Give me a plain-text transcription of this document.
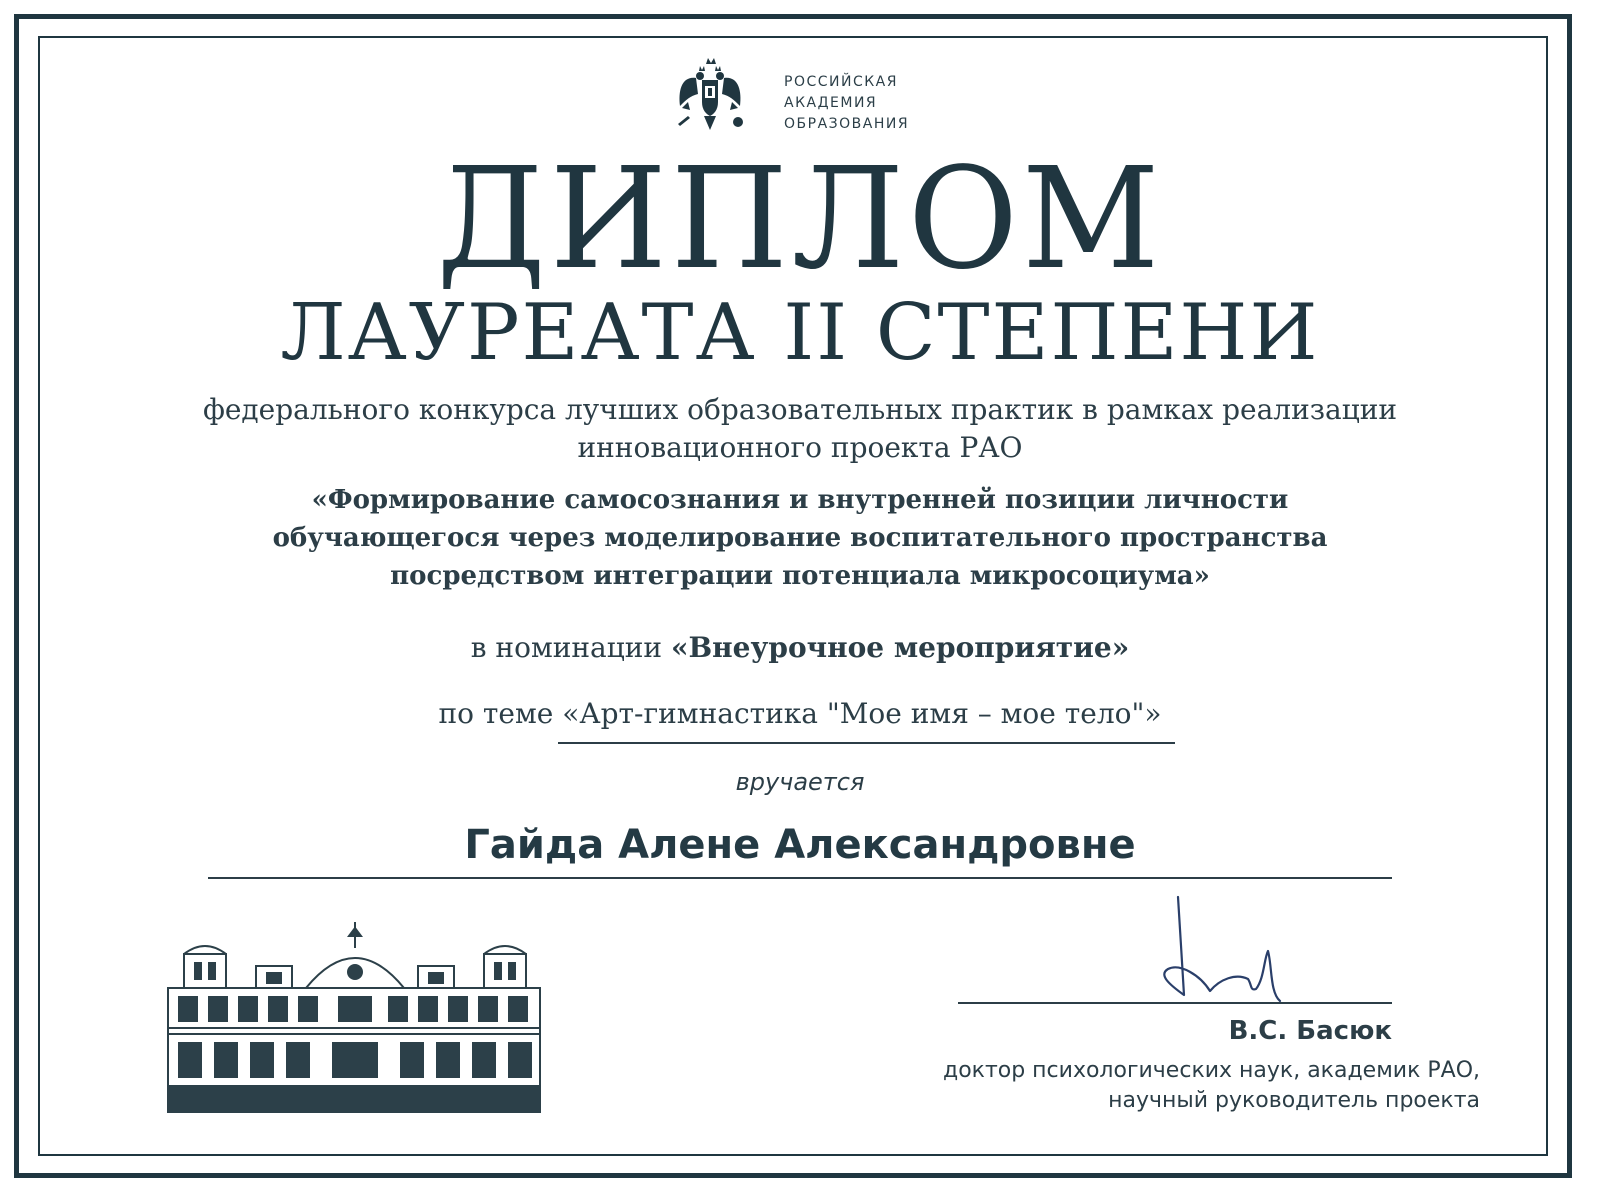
РОССИЙСКАЯ
АКАДЕМИЯ
ОБРАЗОВАНИЯ
ДИПЛОМ
ЛАУРЕАТА II СТЕПЕНИ
федерального конкурса лучших образовательных практик в рамках реализации
инновационного проекта РАО
«Формирование самосознания и внутренней позиции личности
обучающегося через моделирование воспитательного пространства
посредством интеграции потенциала микросоциума»
в номинации «Внеурочное мероприятие»
по теме «Арт-гимнастика "Мое имя – мое тело"»
вручается
Гайда Алене Александровне
В.С. Басюк
доктор психологических наук, академик РАО,
научный руководитель проекта
